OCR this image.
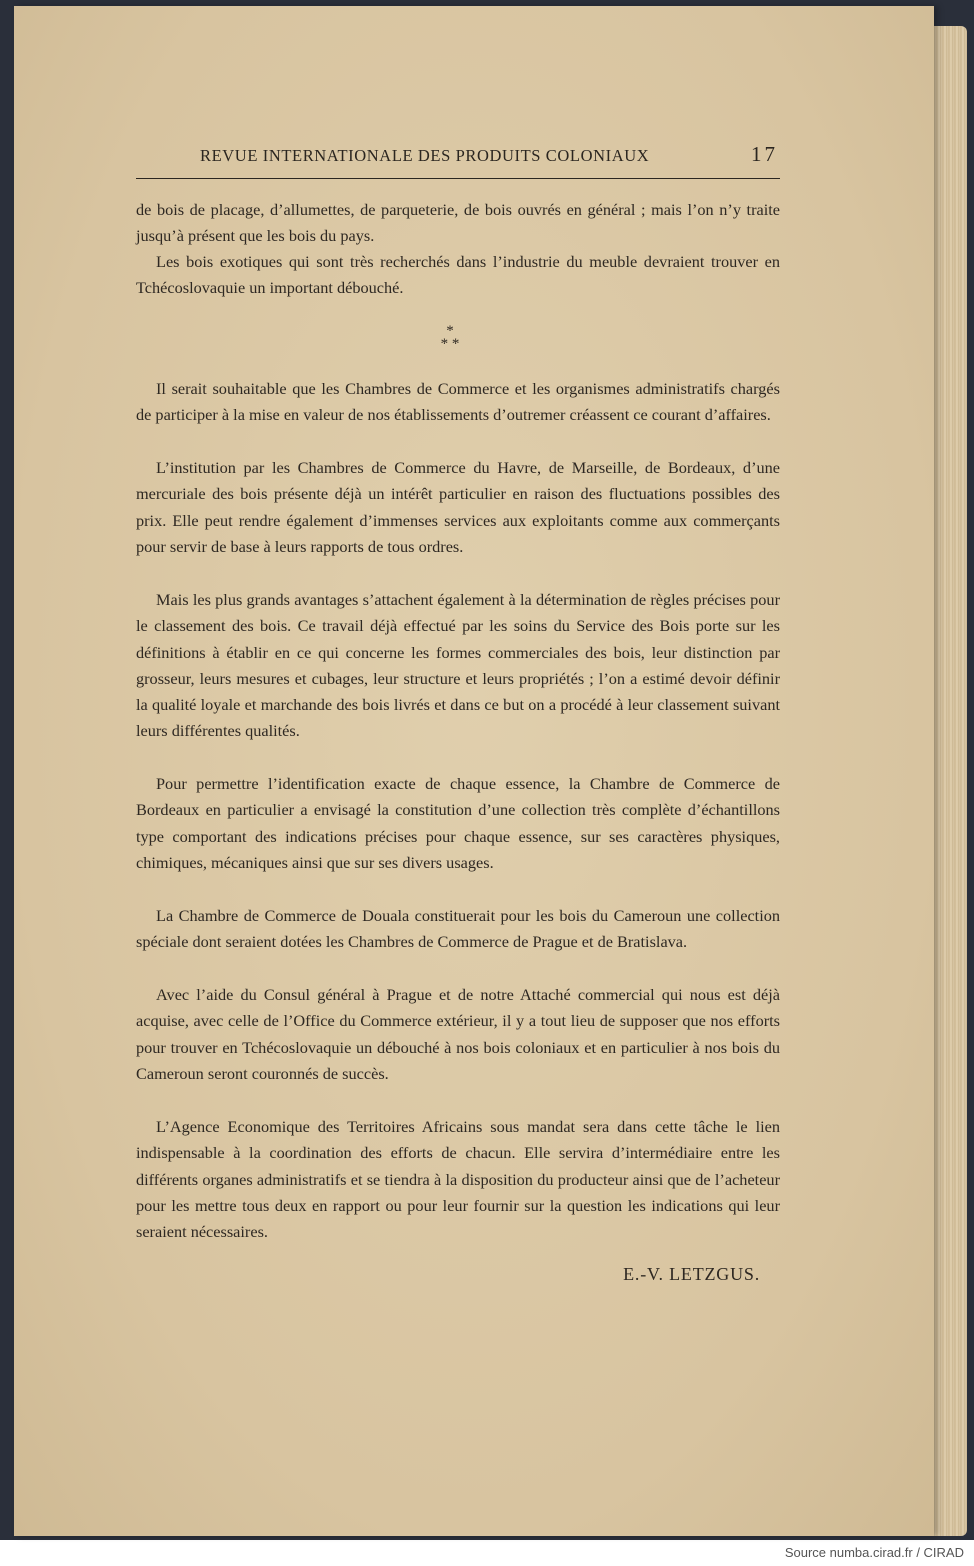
REVUE INTERNATIONALE DES PRODUITS COLONIAUX	17

de bois de placage, d’allumettes, de parqueterie, de bois ouvrés en général ; mais l’on n’y traite jusqu’à présent que les bois du pays.

Les bois exotiques qui sont très recherchés dans l’industrie du meuble devraient trouver en Tchécoslovaquie un important débouché.

*
* *

Il serait souhaitable que les Chambres de Commerce et les organismes administratifs chargés de participer à la mise en valeur de nos établissements d’outremer créassent ce courant d’affaires.

L’institution par les Chambres de Commerce du Havre, de Marseille, de Bordeaux, d’une mercuriale des bois présente déjà un intérêt particulier en raison des fluctuations possibles des prix. Elle peut rendre également d’immenses services aux exploitants comme aux commerçants pour servir de base à leurs rapports de tous ordres.

Mais les plus grands avantages s’attachent également à la détermination de règles précises pour le classement des bois. Ce travail déjà effectué par les soins du Service des Bois porte sur les définitions à établir en ce qui concerne les formes commerciales des bois, leur distinction par grosseur, leurs mesures et cubages, leur structure et leurs propriétés ; l’on a estimé devoir définir la qualité loyale et marchande des bois livrés et dans ce but on a procédé à leur classement suivant leurs différentes qualités.

Pour permettre l’identification exacte de chaque essence, la Chambre de Commerce de Bordeaux en particulier a envisagé la constitution d’une collection très complète d’échantillons type comportant des indications précises pour chaque essence, sur ses caractères physiques, chimiques, mécaniques ainsi que sur ses divers usages.

La Chambre de Commerce de Douala constituerait pour les bois du Cameroun une collection spéciale dont seraient dotées les Chambres de Commerce de Prague et de Bratislava.

Avec l’aide du Consul général à Prague et de notre Attaché commercial qui nous est déjà acquise, avec celle de l’Office du Commerce extérieur, il y a tout lieu de supposer que nos efforts pour trouver en Tchécoslovaquie un débouché à nos bois coloniaux et en particulier à nos bois du Cameroun seront couronnés de succès.

L’Agence Economique des Territoires Africains sous mandat sera dans cette tâche le lien indispensable à la coordination des efforts de chacun. Elle servira d’intermédiaire entre les différents organes administratifs et se tiendra à la disposition du producteur ainsi que de l’acheteur pour les mettre tous deux en rapport ou pour leur fournir sur la question les indications qui leur seraient nécessaires.

E.-V. LETZGUS.
Source numba.cirad.fr / CIRAD
